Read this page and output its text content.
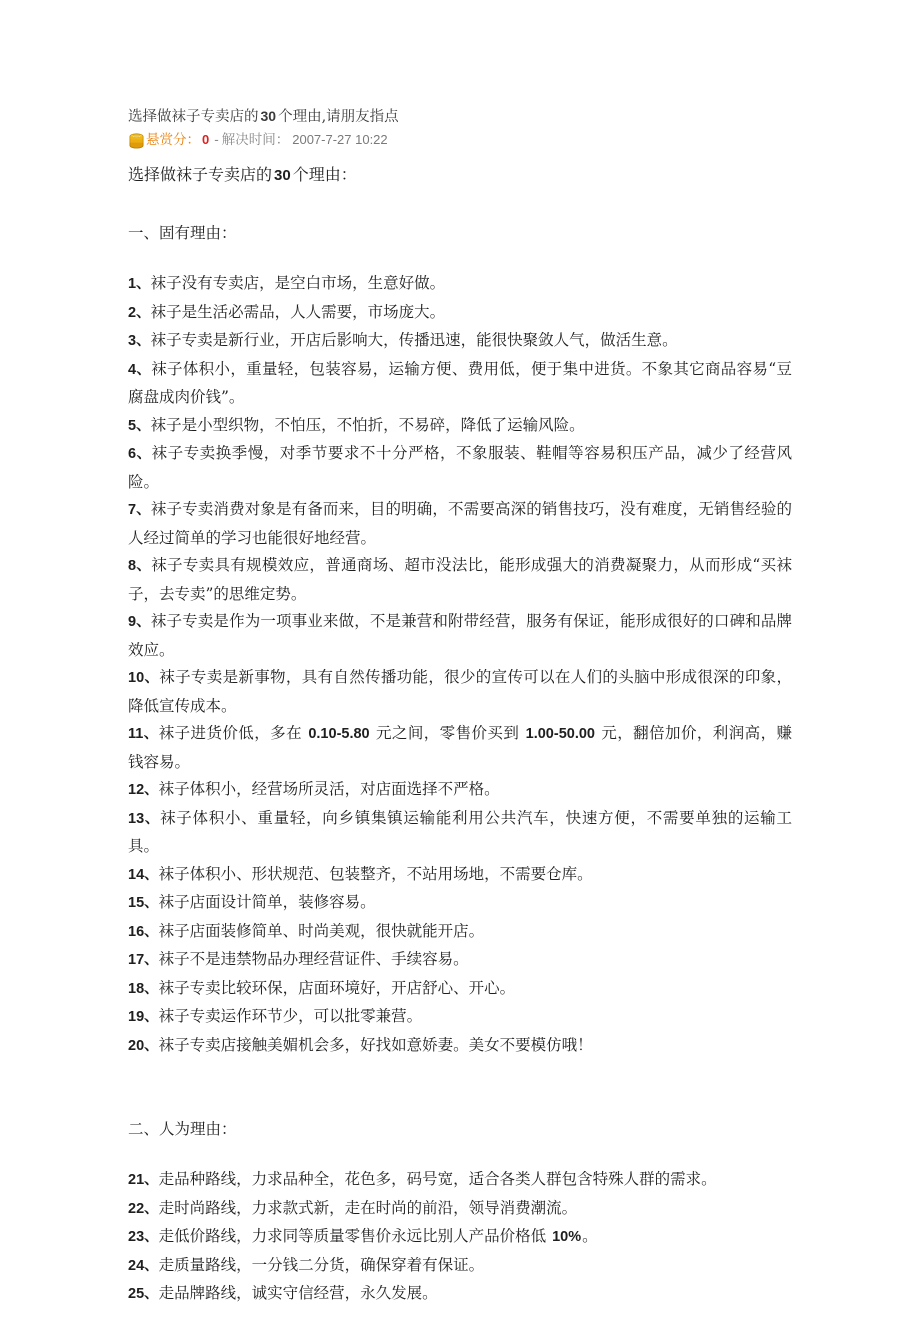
选择做袜子专卖店的 30 个理由,请朋友指点
悬赏分： 0 - 解决时间： 2007-7-27 10:22
选择做袜子专卖店的 30 个理由：
一、固有理由：
1、袜子没有专卖店，是空白市场，生意好做。
2、袜子是生活必需品，人人需要，市场庞大。
3、袜子专卖是新行业，开店后影响大，传播迅速，能很快聚敛人气，做活生意。
4、袜子体积小，重量轻，包装容易，运输方便、费用低，便于集中进货。不象其它商品容易“豆腐盘成肉价钱”。
5、袜子是小型织物，不怕压，不怕折，不易碎，降低了运输风险。
6、袜子专卖换季慢，对季节要求不十分严格，不象服装、鞋帽等容易积压产品，减少了经营风险。
7、袜子专卖消费对象是有备而来，目的明确，不需要高深的销售技巧，没有难度，无销售经验的人经过简单的学习也能很好地经营。
8、袜子专卖具有规模效应，普通商场、超市没法比，能形成强大的消费凝聚力，从而形成“买袜子，去专卖”的思维定势。
9、袜子专卖是作为一项事业来做，不是兼营和附带经营，服务有保证，能形成很好的口碑和品牌效应。
10、袜子专卖是新事物，具有自然传播功能，很少的宣传可以在人们的头脑中形成很深的印象，降低宣传成本。
11、袜子进货价低，多在 0.10-5.80 元之间，零售价买到 1.00-50.00 元，翻倍加价，利润高，赚钱容易。
12、袜子体积小，经营场所灵活，对店面选择不严格。
13、袜子体积小、重量轻，向乡镇集镇运输能利用公共汽车，快速方便，不需要单独的运输工具。
14、袜子体积小、形状规范、包装整齐，不站用场地，不需要仓库。
15、袜子店面设计简单，装修容易。
16、袜子店面装修简单、时尚美观，很快就能开店。
17、袜子不是违禁物品办理经营证件、手续容易。
18、袜子专卖比较环保，店面环境好，开店舒心、开心。
19、袜子专卖运作环节少，可以批零兼营。
20、袜子专卖店接触美媚机会多，好找如意娇妻。美女不要模仿哦！
二、人为理由：
21、走品种路线，力求品种全，花色多，码号宽，适合各类人群包含特殊人群的需求。
22、走时尚路线，力求款式新，走在时尚的前沿，领导消费潮流。
23、走低价路线，力求同等质量零售价永远比别人产品价格低 10%。
24、走质量路线，一分钱二分货，确保穿着有保证。
25、走品牌路线，诚实守信经营，永久发展。
